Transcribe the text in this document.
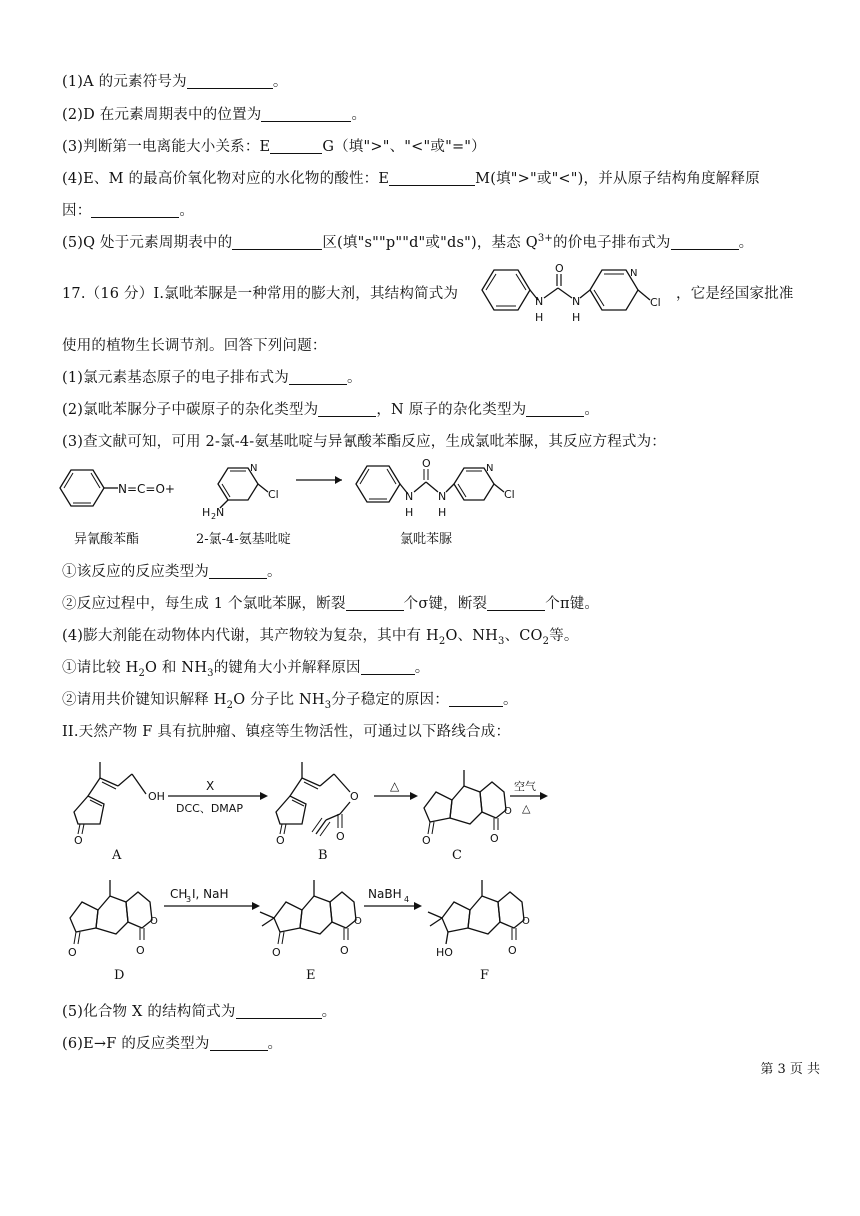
(1)A 的元素符号为	。
(2)D 在元素周期表中的位置为	。
(3)判断第一电离能大小关系：E	G（填">"、"<"或"="）
(4)E、M 的最高价氧化物对应的水化物的酸性：E	M(填">"或"<")，并从原子结构角度解释原
因：	。
(5)Q 处于元素周期表中的	区(填"s""p""d"或"ds")，基态 $Q^{3+}$的价电子排布式为	。
17.（16 分）I.氯吡苯脲是一种常用的膨大剂，其结构简式为	，它是经国家批准
N
H
O
N
H
N
Cl
使用的植物生长调节剂。回答下列问题：
(1)氯元素基态原子的电子排布式为	。
(2)氯吡苯脲分子中碳原子的杂化类型为	，N 原子的杂化类型为	。
(3)查文献可知，可用 2-氯-4-氨基吡啶与异氰酸苯酯反应，生成氯吡苯脲，其反应方程式为：
N=C=O+
N
Cl
H 2 N
N
H
O
N
H
N
Cl
异氰酸苯酯	2-氯-4-氨基吡啶	氯吡苯脲
①该反应的反应类型为	。
②反应过程中，每生成 1 个氯吡苯脲，断裂	个σ键，断裂	个π键。
(4)膨大剂能在动物体内代谢，其产物较为复杂，其中有 $H_2O$、$NH_3$、$CO_2$等。
①请比较 $H_2O$ 和 $NH_3$的键角大小并解释原因	。
②请用共价键知识解释 $H_2O$ 分子比 $NH_3$分子稳定的原因：	。
II.天然产物 F 具有抗肿瘤、镇痉等生物活性，可通过以下路线合成：
O
OH
X
DCC、DMAP
O
O
O
△
O
O
O
空气
△
A	B	C
O
O
O
CH
3 I, NaH
O
O
O
NaBH 4
HO
O
O
D	E	F
(5)化合物 X 的结构简式为	。
(6)E→F 的反应类型为	。
第 3 页 共
